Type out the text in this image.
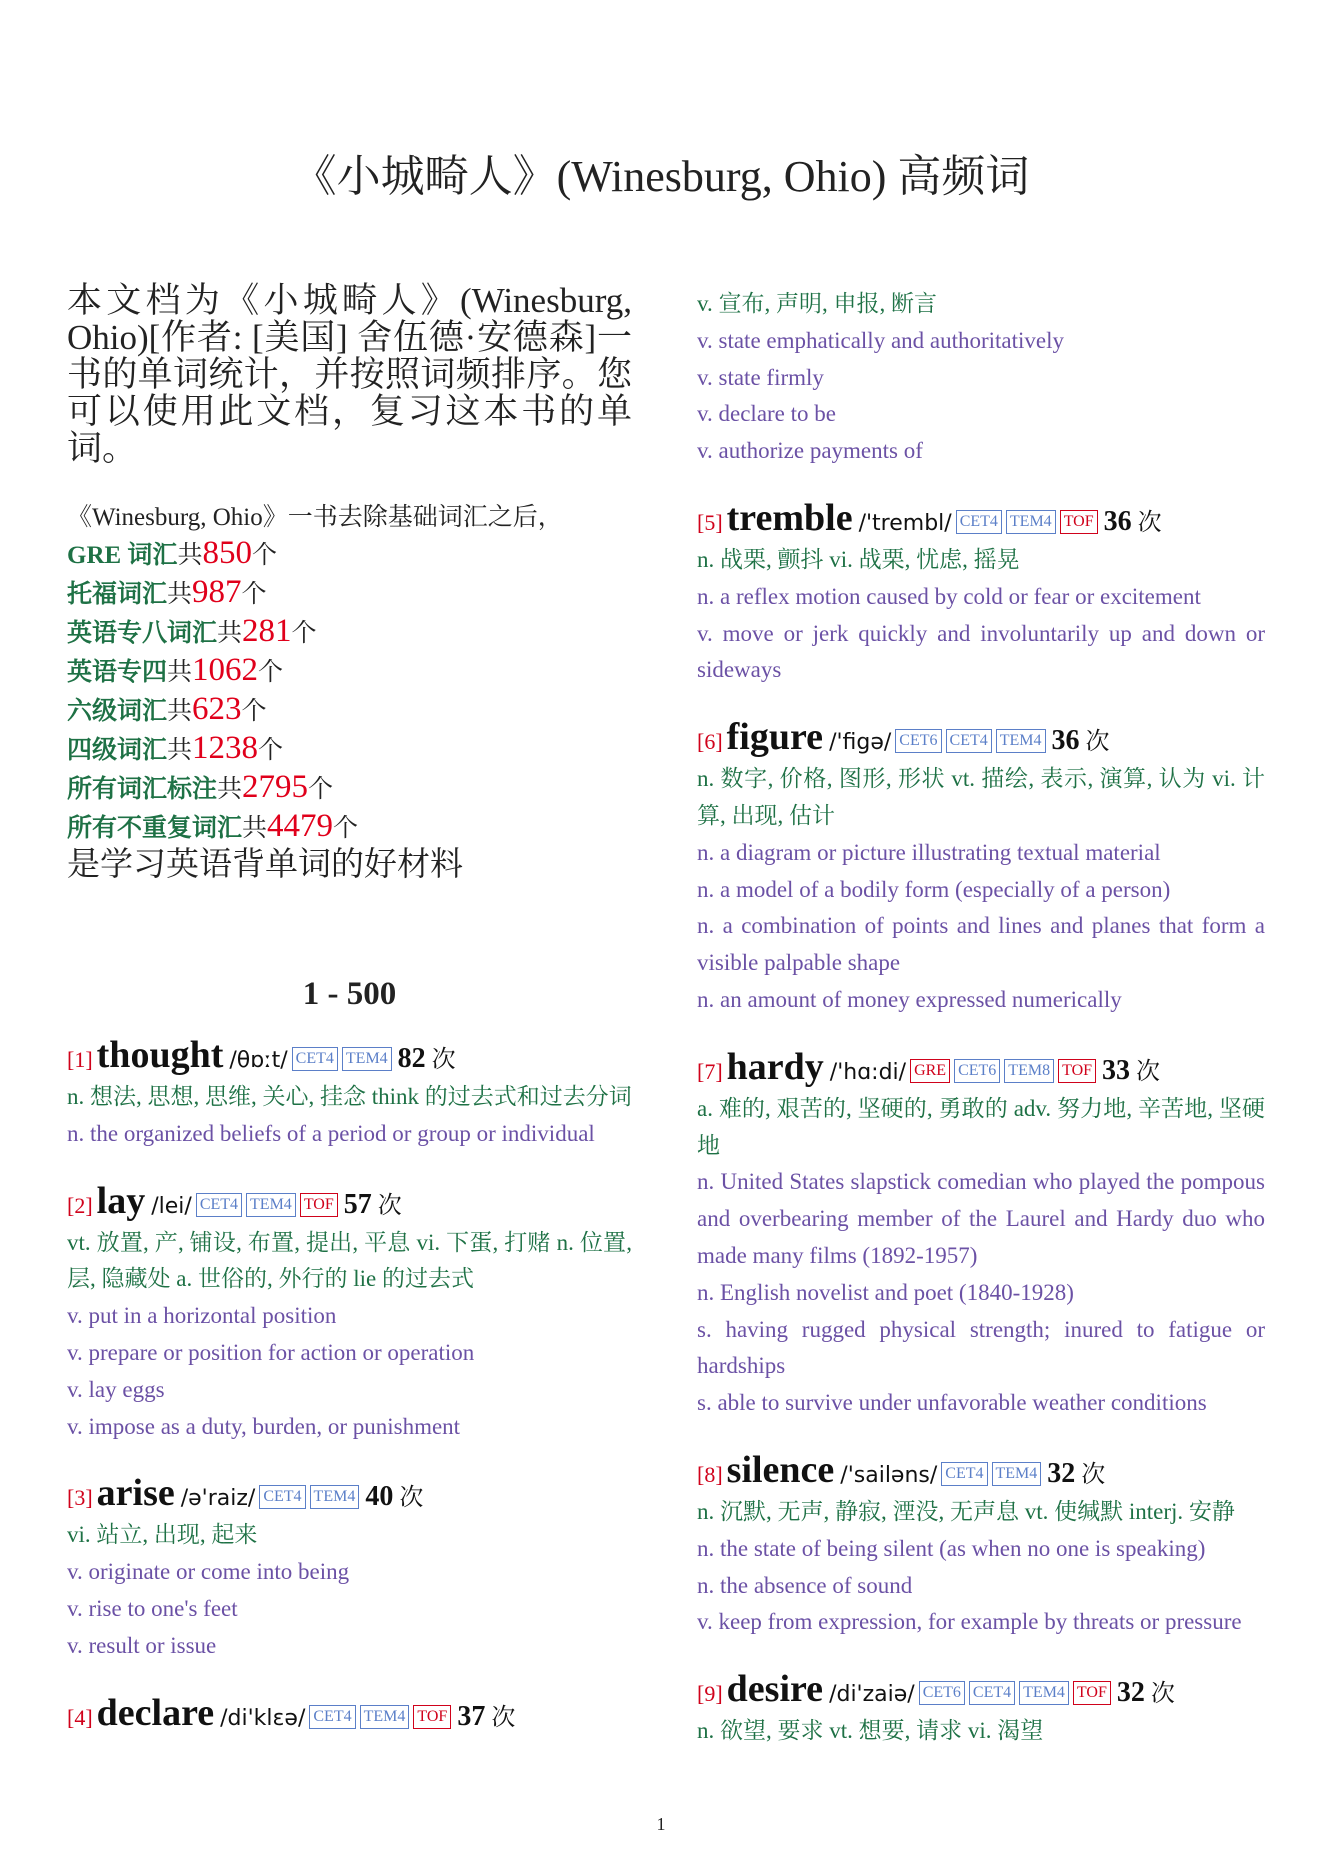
《小城畸人》(Winesburg, Ohio) 高频词
本文档为《小城畸人》(Winesburg, Ohio)[作者: [美国] 舍伍德·安德森]一书的单词统计，并按照词频排序。您可以使用此文档，复习这本书的单词。
《Winesburg, Ohio》一书去除基础词汇之后，
GRE 词汇共850个
托福词汇共987个
英语专八词汇共281个
英语专四共1062个
六级词汇共623个
四级词汇共1238个
所有词汇标注共2795个
所有不重复词汇共4479个
是学习英语背单词的好材料
1 - 500
[1] thought /θɒːt/ CET4 TEM4 82 次

n. 想法, 思想, 思维, 关心, 挂念 think 的过去式和过去分词

n. the organized beliefs of a period or group or individual

[2] lay /lei/ CET4 TEM4 TOF 57 次

vt. 放置, 产, 铺设, 布置, 提出, 平息 vi. 下蛋, 打赌 n. 位置, 层, 隐藏处 a. 世俗的, 外行的 lie 的过去式

v. put in a horizontal position

v. prepare or position for action or operation

v. lay eggs

v. impose as a duty, burden, or punishment

[3] arise /ə'raiz/ CET4 TEM4 40 次

vi. 站立, 出现, 起来

v. originate or come into being

v. rise to one's feet

v. result or issue

[4] declare /di'klɛə/ CET4 TEM4 TOF 37 次

v. 宣布, 声明, 申报, 断言

v. state emphatically and authoritatively

v. state firmly

v. declare to be

v. authorize payments of

[5] tremble /'trembl/ CET4 TEM4 TOF 36 次

n. 战栗, 颤抖 vi. 战栗, 忧虑, 摇晃

n. a reflex motion caused by cold or fear or excitement

v. move or jerk quickly and involuntarily up and down or sideways

[6] figure /'figə/ CET6 CET4 TEM4 36 次

n. 数字, 价格, 图形, 形状 vt. 描绘, 表示, 演算, 认为 vi. 计算, 出现, 估计

n. a diagram or picture illustrating textual material

n. a model of a bodily form (especially of a person)

n. a combination of points and lines and planes that form a visible palpable shape

n. an amount of money expressed numerically

[7] hardy /'hɑ:di/ GRE CET6 TEM8 TOF 33 次

a. 难的, 艰苦的, 坚硬的, 勇敢的 adv. 努力地, 辛苦地, 坚硬地

n. United States slapstick comedian who played the pompous and overbearing member of the Laurel and Hardy duo who made many films (1892-1957)

n. English novelist and poet (1840-1928)

s. having rugged physical strength; inured to fatigue or hardships

s. able to survive under unfavorable weather conditions

[8] silence /'sailəns/ CET4 TEM4 32 次

n. 沉默, 无声, 静寂, 湮没, 无声息 vt. 使缄默 interj. 安静

n. the state of being silent (as when no one is speaking)

n. the absence of sound

v. keep from expression, for example by threats or pressure

[9] desire /di'zaiə/ CET6 CET4 TEM4 TOF 32 次

n. 欲望, 要求 vt. 想要, 请求 vi. 渴望

1
